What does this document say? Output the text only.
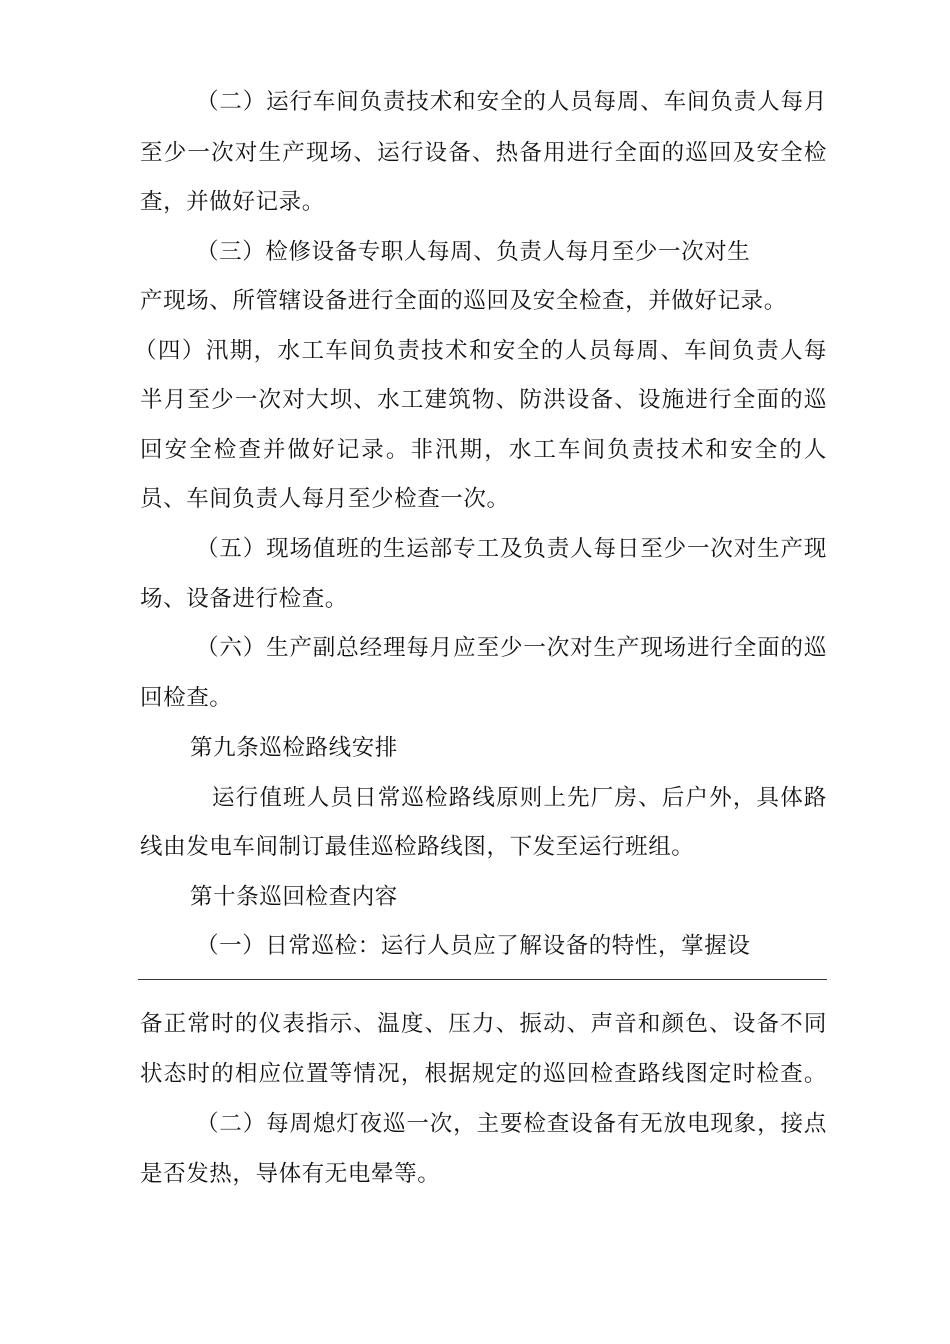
（二）运行车间负责技术和安全的人员每周、车间负责人每月
至少一次对生产现场、运行设备、热备用进行全面的巡回及安全检
查，并做好记录。
（三）检修设备专职人每周、负责人每月至少一次对生
产现场、所管辖设备进行全面的巡回及安全检查，并做好记录。
（四）汛期，水工车间负责技术和安全的人员每周、车间负责人每
半月至少一次对大坝、水工建筑物、防洪设备、设施进行全面的巡
回安全检查并做好记录。非汛期，水工车间负责技术和安全的人
员、车间负责人每月至少检查一次。
（五）现场值班的生运部专工及负责人每日至少一次对生产现
场、设备进行检查。
（六）生产副总经理每月应至少一次对生产现场进行全面的巡
回检查。
第九条巡检路线安排
运行值班人员日常巡检路线原则上先厂房、后户外，具体路
线由发电车间制订最佳巡检路线图，下发至运行班组。
第十条巡回检查内容
（一）日常巡检：运行人员应了解设备的特性，掌握设
备正常时的仪表指示、温度、压力、振动、声音和颜色、设备不同
状态时的相应位置等情况，根据规定的巡回检查路线图定时检查。
（二）每周熄灯夜巡一次，主要检查设备有无放电现象，接点
是否发热，导体有无电晕等。
